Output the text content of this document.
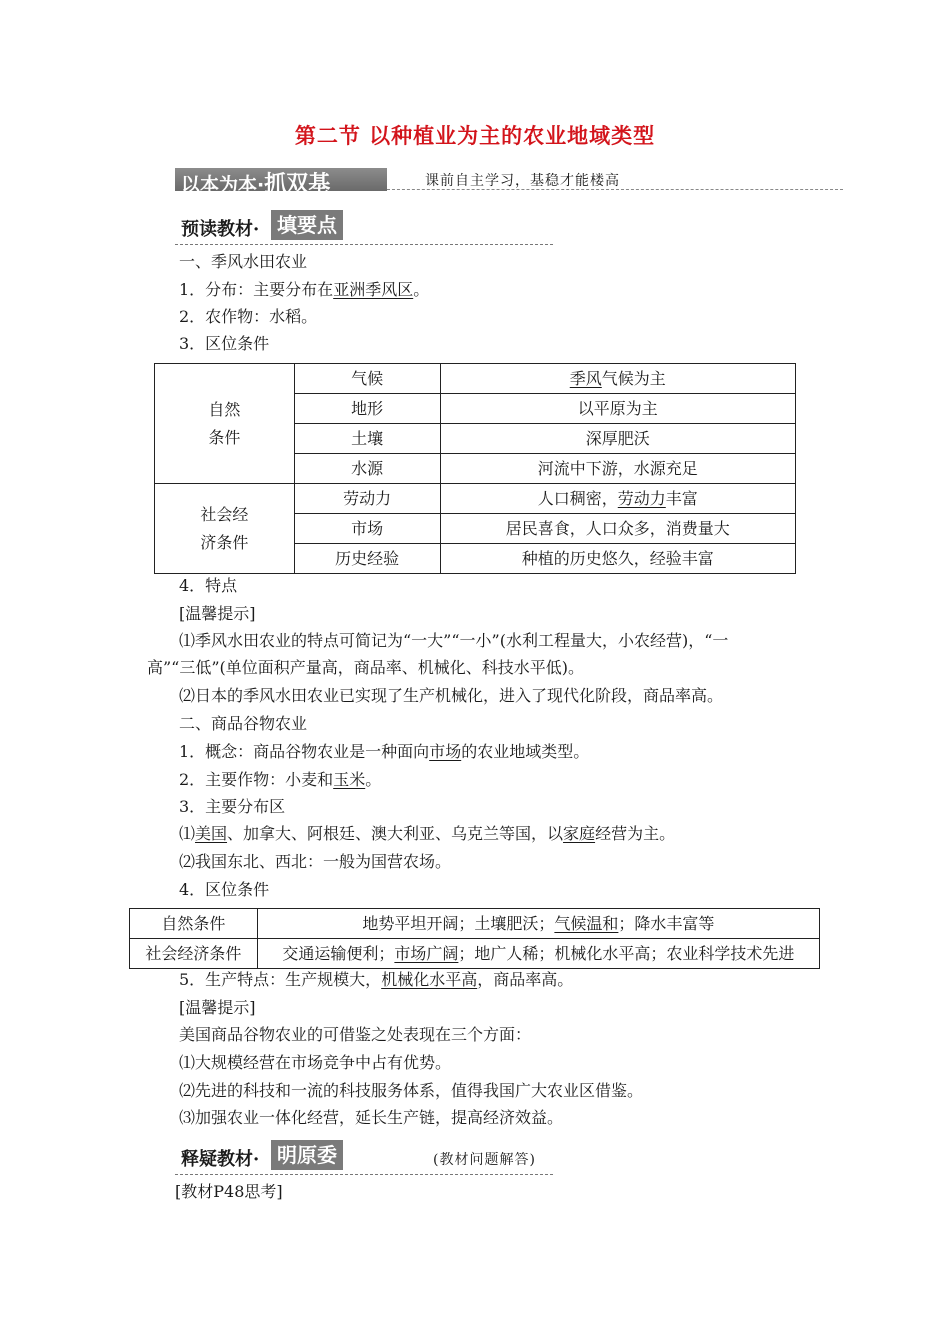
第二节 以种植业为主的农业地域类型
以本为本·抓双基	课前自主学习，基稳才能楼高
预读教材· 填要点
一、季风水田农业
1．分布：主要分布在亚洲季风区。
2．农作物：水稻。
3．区位条件
自然
条件	气候	季风气候为主
	地形	以平原为主
	土壤	深厚肥沃
	水源	河流中下游，水源充足

社会经
济条件	劳动力	人口稠密，劳动力丰富
	市场	居民喜食，人口众多，消费量大
	历史经验	种植的历史悠久，经验丰富
4．特点
[温馨提示]
⑴季风水田农业的特点可简记为“一大”“一小”(水利工程量大，小农经营)，“一
高”“三低”(单位面积产量高，商品率、机械化、科技水平低)。
⑵日本的季风水田农业已实现了生产机械化，进入了现代化阶段，商品率高。
二、商品谷物农业
1．概念：商品谷物农业是一种面向市场的农业地域类型。
2．主要作物：小麦和玉米。
3．主要分布区
⑴美国、加拿大、阿根廷、澳大利亚、乌克兰等国，以家庭经营为主。
⑵我国东北、西北：一般为国营农场。
4．区位条件
自然条件	地势平坦开阔；土壤肥沃；气候温和；降水丰富等
社会经济条件	交通运输便利；市场广阔；地广人稀；机械化水平高；农业科学技术先进
5．生产特点：生产规模大，机械化水平高，商品率高。
[温馨提示]
美国商品谷物农业的可借鉴之处表现在三个方面：
⑴大规模经营在市场竞争中占有优势。
⑵先进的科技和一流的科技服务体系，值得我国广大农业区借鉴。
⑶加强农业一体化经营，延长生产链，提高经济效益。
释疑教材· 明原委	(教材问题解答)
[教材P48思考]
